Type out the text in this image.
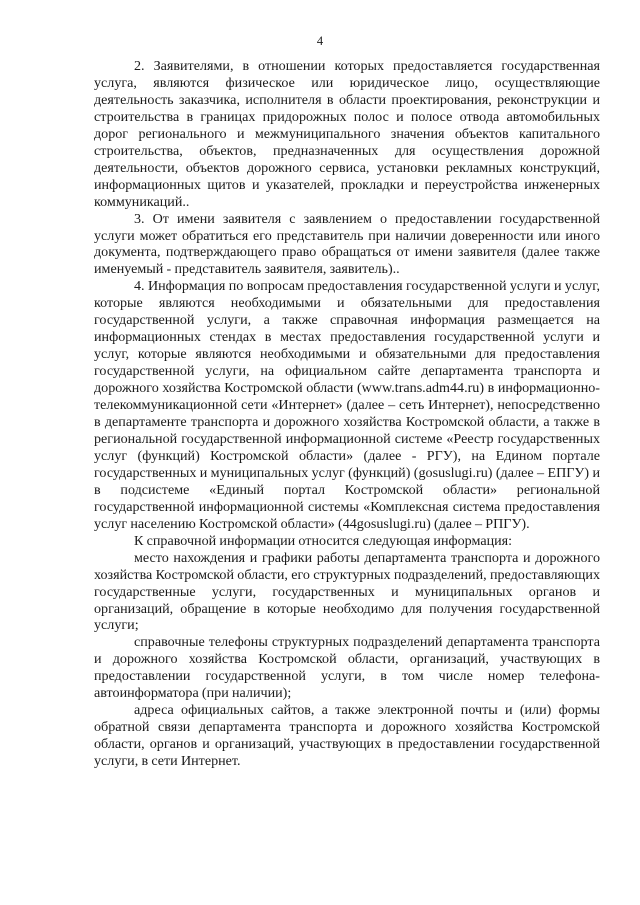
4

2. Заявителями, в отношении которых предоставляется государственная услуга, являются физическое или юридическое лицо, осуществляющие деятельность заказчика, исполнителя в области проектирования, реконструкции и строительства в границах придорожных полос и полосе отвода автомобильных дорог регионального и межмуниципального значения объектов капитального строительства, объектов, предназначенных для осуществления дорожной деятельности, объектов дорожного сервиса, установки рекламных конструкций, информационных щитов и указателей, прокладки и переустройства инженерных коммуникаций..

3. От имени заявителя с заявлением о предоставлении государственной услуги может обратиться его представитель при наличии доверенности или иного документа, подтверждающего право обращаться от имени заявителя (далее также именуемый - представитель заявителя, заявитель)..

4. Информация по вопросам предоставления государственной услуги и услуг, которые являются необходимыми и обязательными для предоставления государственной услуги, а также справочная информация размещается на информационных стендах в местах предоставления государственной услуги и услуг, которые являются необходимыми и обязательными для предоставления государственной услуги, на официальном сайте департамента транспорта и дорожного хозяйства Костромской области (www.trans.adm44.ru) в информационно-телекоммуникационной сети «Интернет» (далее – сеть Интернет), непосредственно в департаменте транспорта и дорожного хозяйства Костромской области, а также в региональной государственной информационной системе «Реестр государственных услуг (функций) Костромской области» (далее - РГУ), на Едином портале государственных и муниципальных услуг (функций) (gosuslugi.ru) (далее – ЕПГУ) и в подсистеме «Единый портал Костромской области» региональной государственной информационной системы «Комплексная система предоставления услуг населению Костромской области» (44gosuslugi.ru) (далее – РПГУ).

К справочной информации относится следующая информация:

место нахождения и графики работы департамента транспорта и дорожного хозяйства Костромской области, его структурных подразделений, предоставляющих государственные услуги, государственных и муниципальных органов и организаций, обращение в которые необходимо для получения государственной услуги;

справочные телефоны структурных подразделений департамента транспорта и дорожного хозяйства Костромской области, организаций, участвующих в предоставлении государственной услуги, в том числе номер телефона-автоинформатора (при наличии);

адреса официальных сайтов, а также электронной почты и (или) формы обратной связи департамента транспорта и дорожного хозяйства Костромской области, органов и организаций, участвующих в предоставлении государственной услуги, в сети Интернет.
